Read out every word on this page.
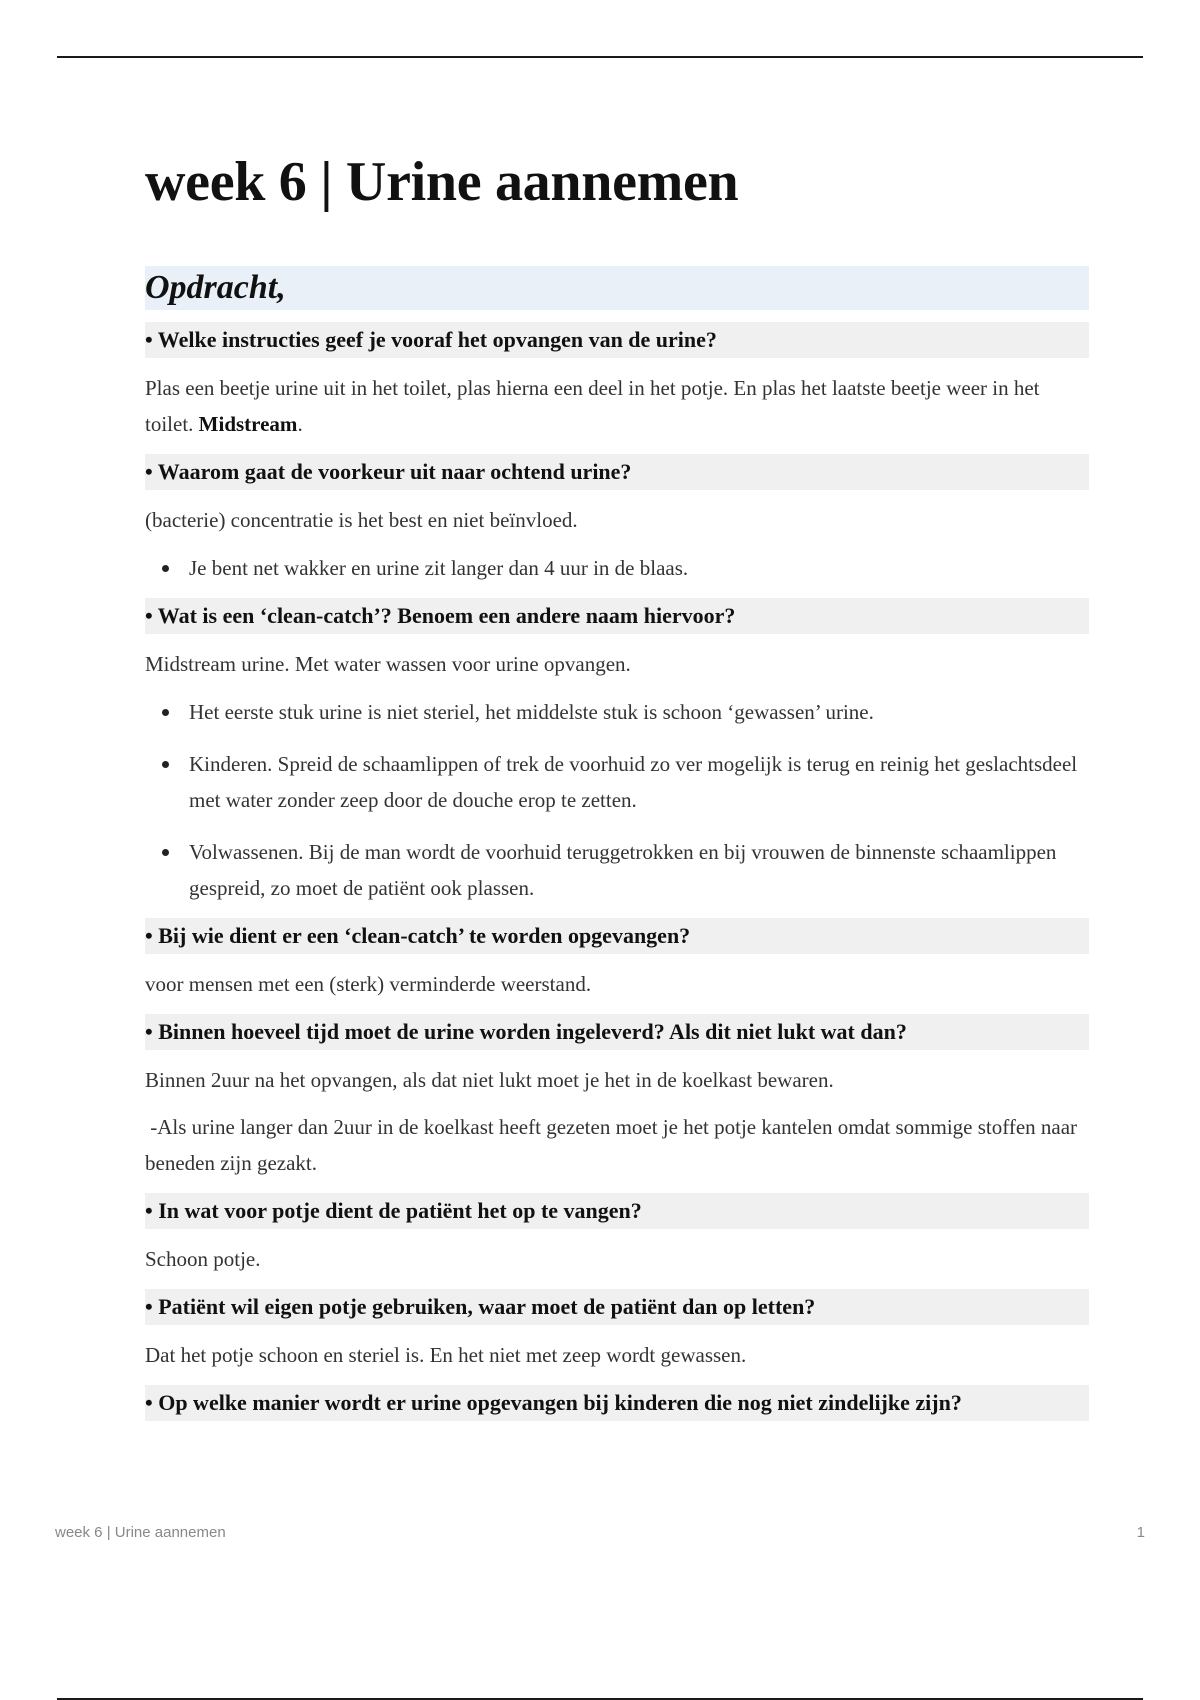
week 6 | Urine aannemen
Opdracht,
• Welke instructies geef je vooraf het opvangen van de urine?

Plas een beetje urine uit in het toilet, plas hierna een deel in het potje. En plas het laatste beetje weer in het toilet. Midstream.

• Waarom gaat de voorkeur uit naar ochtend urine?

(bacterie) concentratie is het best en niet beïnvloed.

Je bent net wakker en urine zit langer dan 4 uur in de blaas.
• Wat is een ‘clean-catch’? Benoem een andere naam hiervoor?

Midstream urine. Met water wassen voor urine opvangen.

Het eerste stuk urine is niet steriel, het middelste stuk is schoon ‘gewassen’ urine.
Kinderen. Spreid de schaamlippen of trek de voorhuid zo ver mogelijk is terug en reinig het geslachtsdeel met water zonder zeep door de douche erop te zetten.
Volwassenen. Bij de man wordt de voorhuid teruggetrokken en bij vrouwen de binnenste schaamlippen gespreid, zo moet de patiënt ook plassen.
• Bij wie dient er een ‘clean-catch’ te worden opgevangen?

voor mensen met een (sterk) verminderde weerstand.

• Binnen hoeveel tijd moet de urine worden ingeleverd? Als dit niet lukt wat dan?

Binnen 2uur na het opvangen, als dat niet lukt moet je het in de koelkast bewaren.

-Als urine langer dan 2uur in de koelkast heeft gezeten moet je het potje kantelen omdat sommige stoffen naar beneden zijn gezakt.

• In wat voor potje dient de patiënt het op te vangen?

Schoon potje.

• Patiënt wil eigen potje gebruiken, waar moet de patiënt dan op letten?

Dat het potje schoon en steriel is. En het niet met zeep wordt gewassen.

• Op welke manier wordt er urine opgevangen bij kinderen die nog niet zindelijke zijn?
week 6 | Urine aannemen	1
